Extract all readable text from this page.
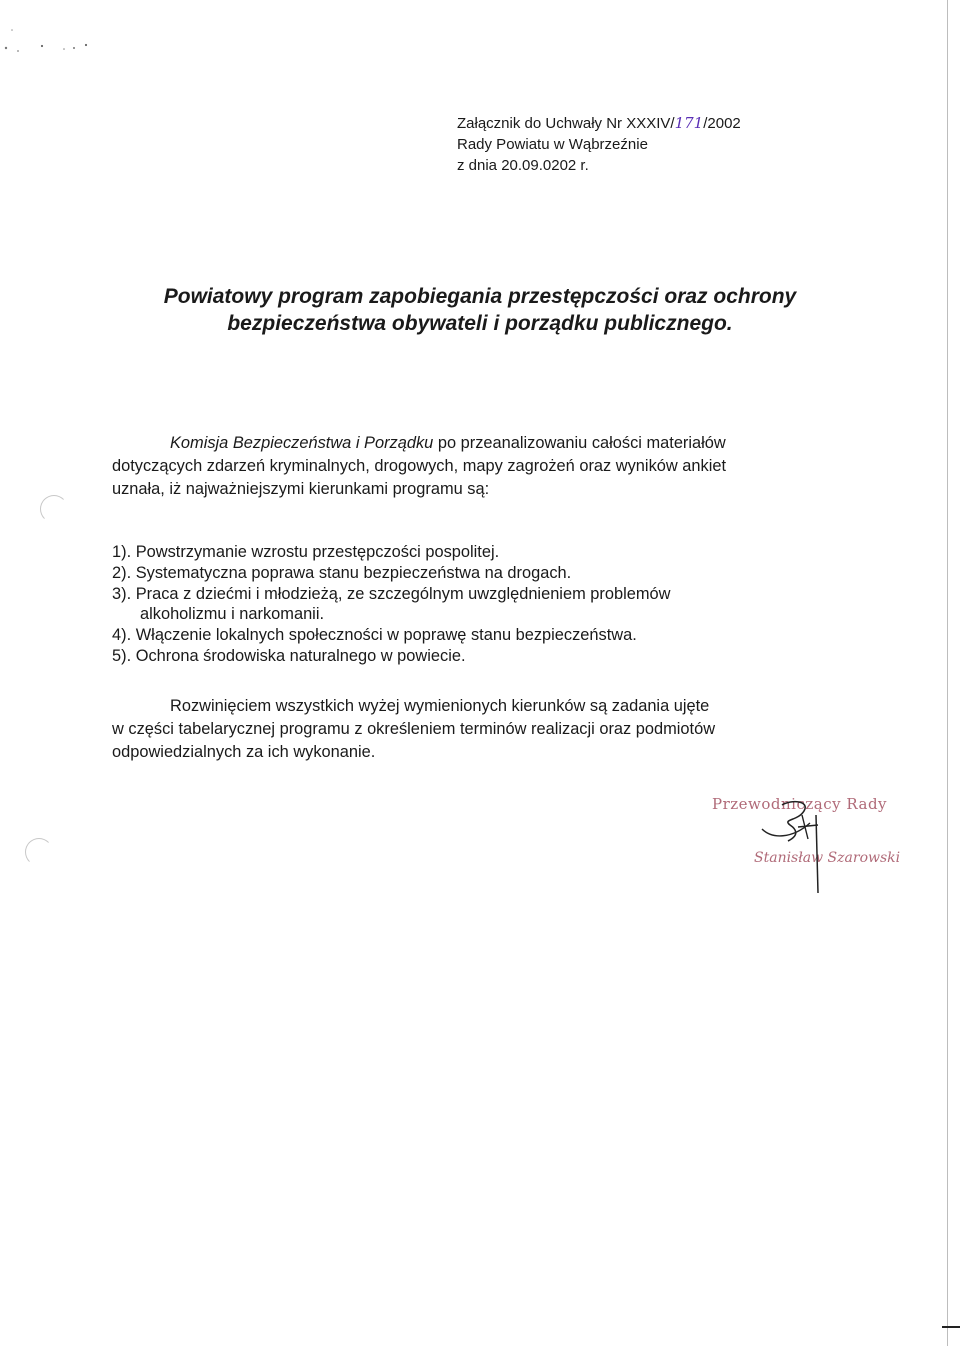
Załącznik do Uchwały Nr XXXIV/171/2002
Rady Powiatu w Wąbrzeźnie
z dnia 20.09.0202 r.
Powiatowy program zapobiegania przestępczości oraz ochrony
bezpieczeństwa obywateli i porządku publicznego.
Komisja Bezpieczeństwa i Porządku po przeanalizowaniu całości materiałów
dotyczących zdarzeń kryminalnych, drogowych, mapy zagrożeń oraz wyników ankiet
uznała, iż najważniejszymi kierunkami programu są:
1). Powstrzymanie wzrostu przestępczości pospolitej.
2). Systematyczna poprawa stanu bezpieczeństwa na drogach.
3). Praca z dziećmi i młodzieżą, ze szczególnym uwzględnieniem problemów
alkoholizmu i narkomanii.
4). Włączenie lokalnych społeczności w poprawę stanu bezpieczeństwa.
5). Ochrona środowiska naturalnego w powiecie.
Rozwinięciem wszystkich wyżej wymienionych kierunków są zadania ujęte
w części tabelarycznej programu z określeniem terminów realizacji oraz podmiotów
odpowiedzialnych za ich wykonanie.
Przewodniczący Rady
Stanisław Szarowski
